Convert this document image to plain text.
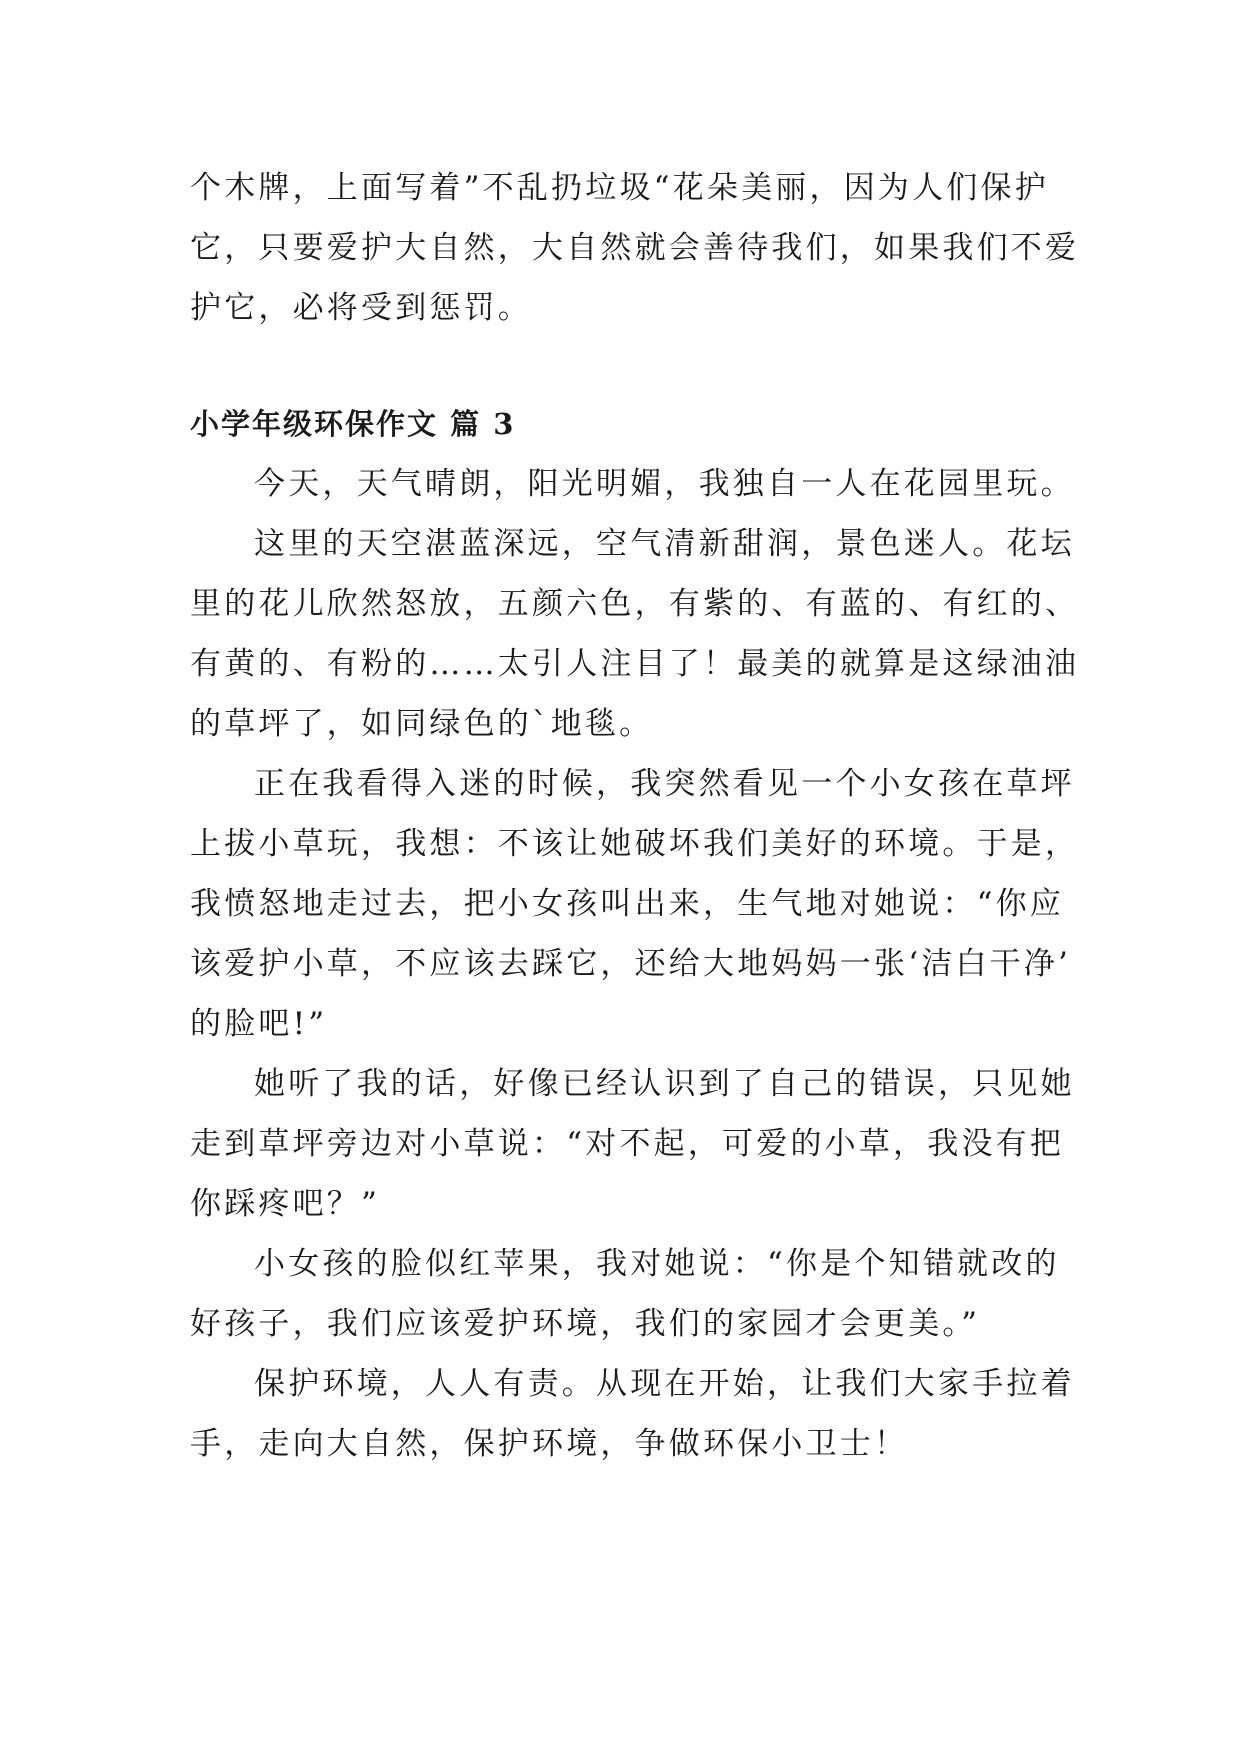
个木牌，上面写着”不乱扔垃圾“花朵美丽，因为人们保护
它，只要爱护大自然，大自然就会善待我们，如果我们不爱
护它，必将受到惩罚。

小学年级环保作文 篇 3

今天，天气晴朗，阳光明媚，我独自一人在花园里玩。

这里的天空湛蓝深远，空气清新甜润，景色迷人。花坛
里的花儿欣然怒放，五颜六色，有紫的、有蓝的、有红的、
有黄的、有粉的……太引人注目了！最美的就算是这绿油油
的草坪了，如同绿色的`地毯。

正在我看得入迷的时候，我突然看见一个小女孩在草坪
上拔小草玩，我想：不该让她破坏我们美好的环境。于是，
我愤怒地走过去，把小女孩叫出来，生气地对她说：“你应
该爱护小草，不应该去踩它，还给大地妈妈一张‘洁白干净’
的脸吧!”

她听了我的话，好像已经认识到了自己的错误，只见她
走到草坪旁边对小草说：“对不起，可爱的小草，我没有把
你踩疼吧？”

小女孩的脸似红苹果，我对她说：“你是个知错就改的
好孩子，我们应该爱护环境，我们的家园才会更美。”

保护环境，人人有责。从现在开始，让我们大家手拉着
手，走向大自然，保护环境，争做环保小卫士！
